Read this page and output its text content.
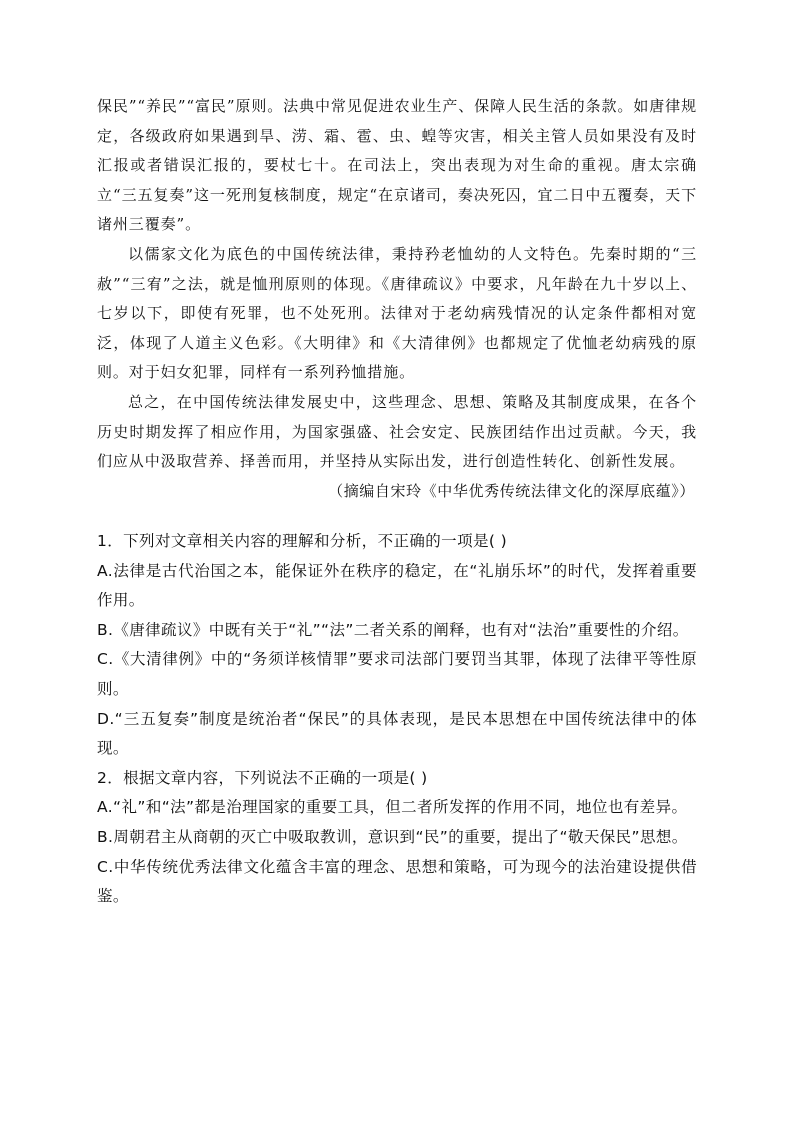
保民”“养民”“富民”原则。法典中常见促进农业生产、保障人民生活的条款。如唐律规定，各级政府如果遇到旱、涝、霜、雹、虫、蝗等灾害，相关主管人员如果没有及时汇报或者错误汇报的，要杖七十。在司法上，突出表现为对生命的重视。唐太宗确立“三五复奏”这一死刑复核制度，规定“在京诸司，奏决死囚，宜二日中五覆奏，天下诸州三覆奏”。

以儒家文化为底色的中国传统法律，秉持矜老恤幼的人文特色。先秦时期的“三赦”“三宥”之法，就是恤刑原则的体现。《唐律疏议》中要求，凡年龄在九十岁以上、七岁以下，即使有死罪，也不处死刑。法律对于老幼病残情况的认定条件都相对宽泛，体现了人道主义色彩。《大明律》和《大清律例》也都规定了优恤老幼病残的原则。对于妇女犯罪，同样有一系列矜恤措施。

总之，在中国传统法律发展史中，这些理念、思想、策略及其制度成果，在各个历史时期发挥了相应作用，为国家强盛、社会安定、民族团结作出过贡献。今天，我们应从中汲取营养、择善而用，并坚持从实际出发，进行创造性转化、创新性发展。

（摘编自宋玲《中华优秀传统法律文化的深厚底蕴》）

1．下列对文章相关内容的理解和分析，不正确的一项是( )

A.法律是古代治国之本，能保证外在秩序的稳定，在“礼崩乐坏”的时代，发挥着重要作用。

B.《唐律疏议》中既有关于“礼”“法”二者关系的阐释，也有对“法治”重要性的介绍。

C.《大清律例》中的“务须详核情罪”要求司法部门要罚当其罪，体现了法律平等性原则。

D.“三五复奏”制度是统治者“保民”的具体表现，是民本思想在中国传统法律中的体现。

2．根据文章内容，下列说法不正确的一项是( )

A.“礼”和“法”都是治理国家的重要工具，但二者所发挥的作用不同，地位也有差异。

B.周朝君主从商朝的灭亡中吸取教训，意识到“民”的重要，提出了“敬天保民”思想。

C.中华传统优秀法律文化蕴含丰富的理念、思想和策略，可为现今的法治建设提供借鉴。
